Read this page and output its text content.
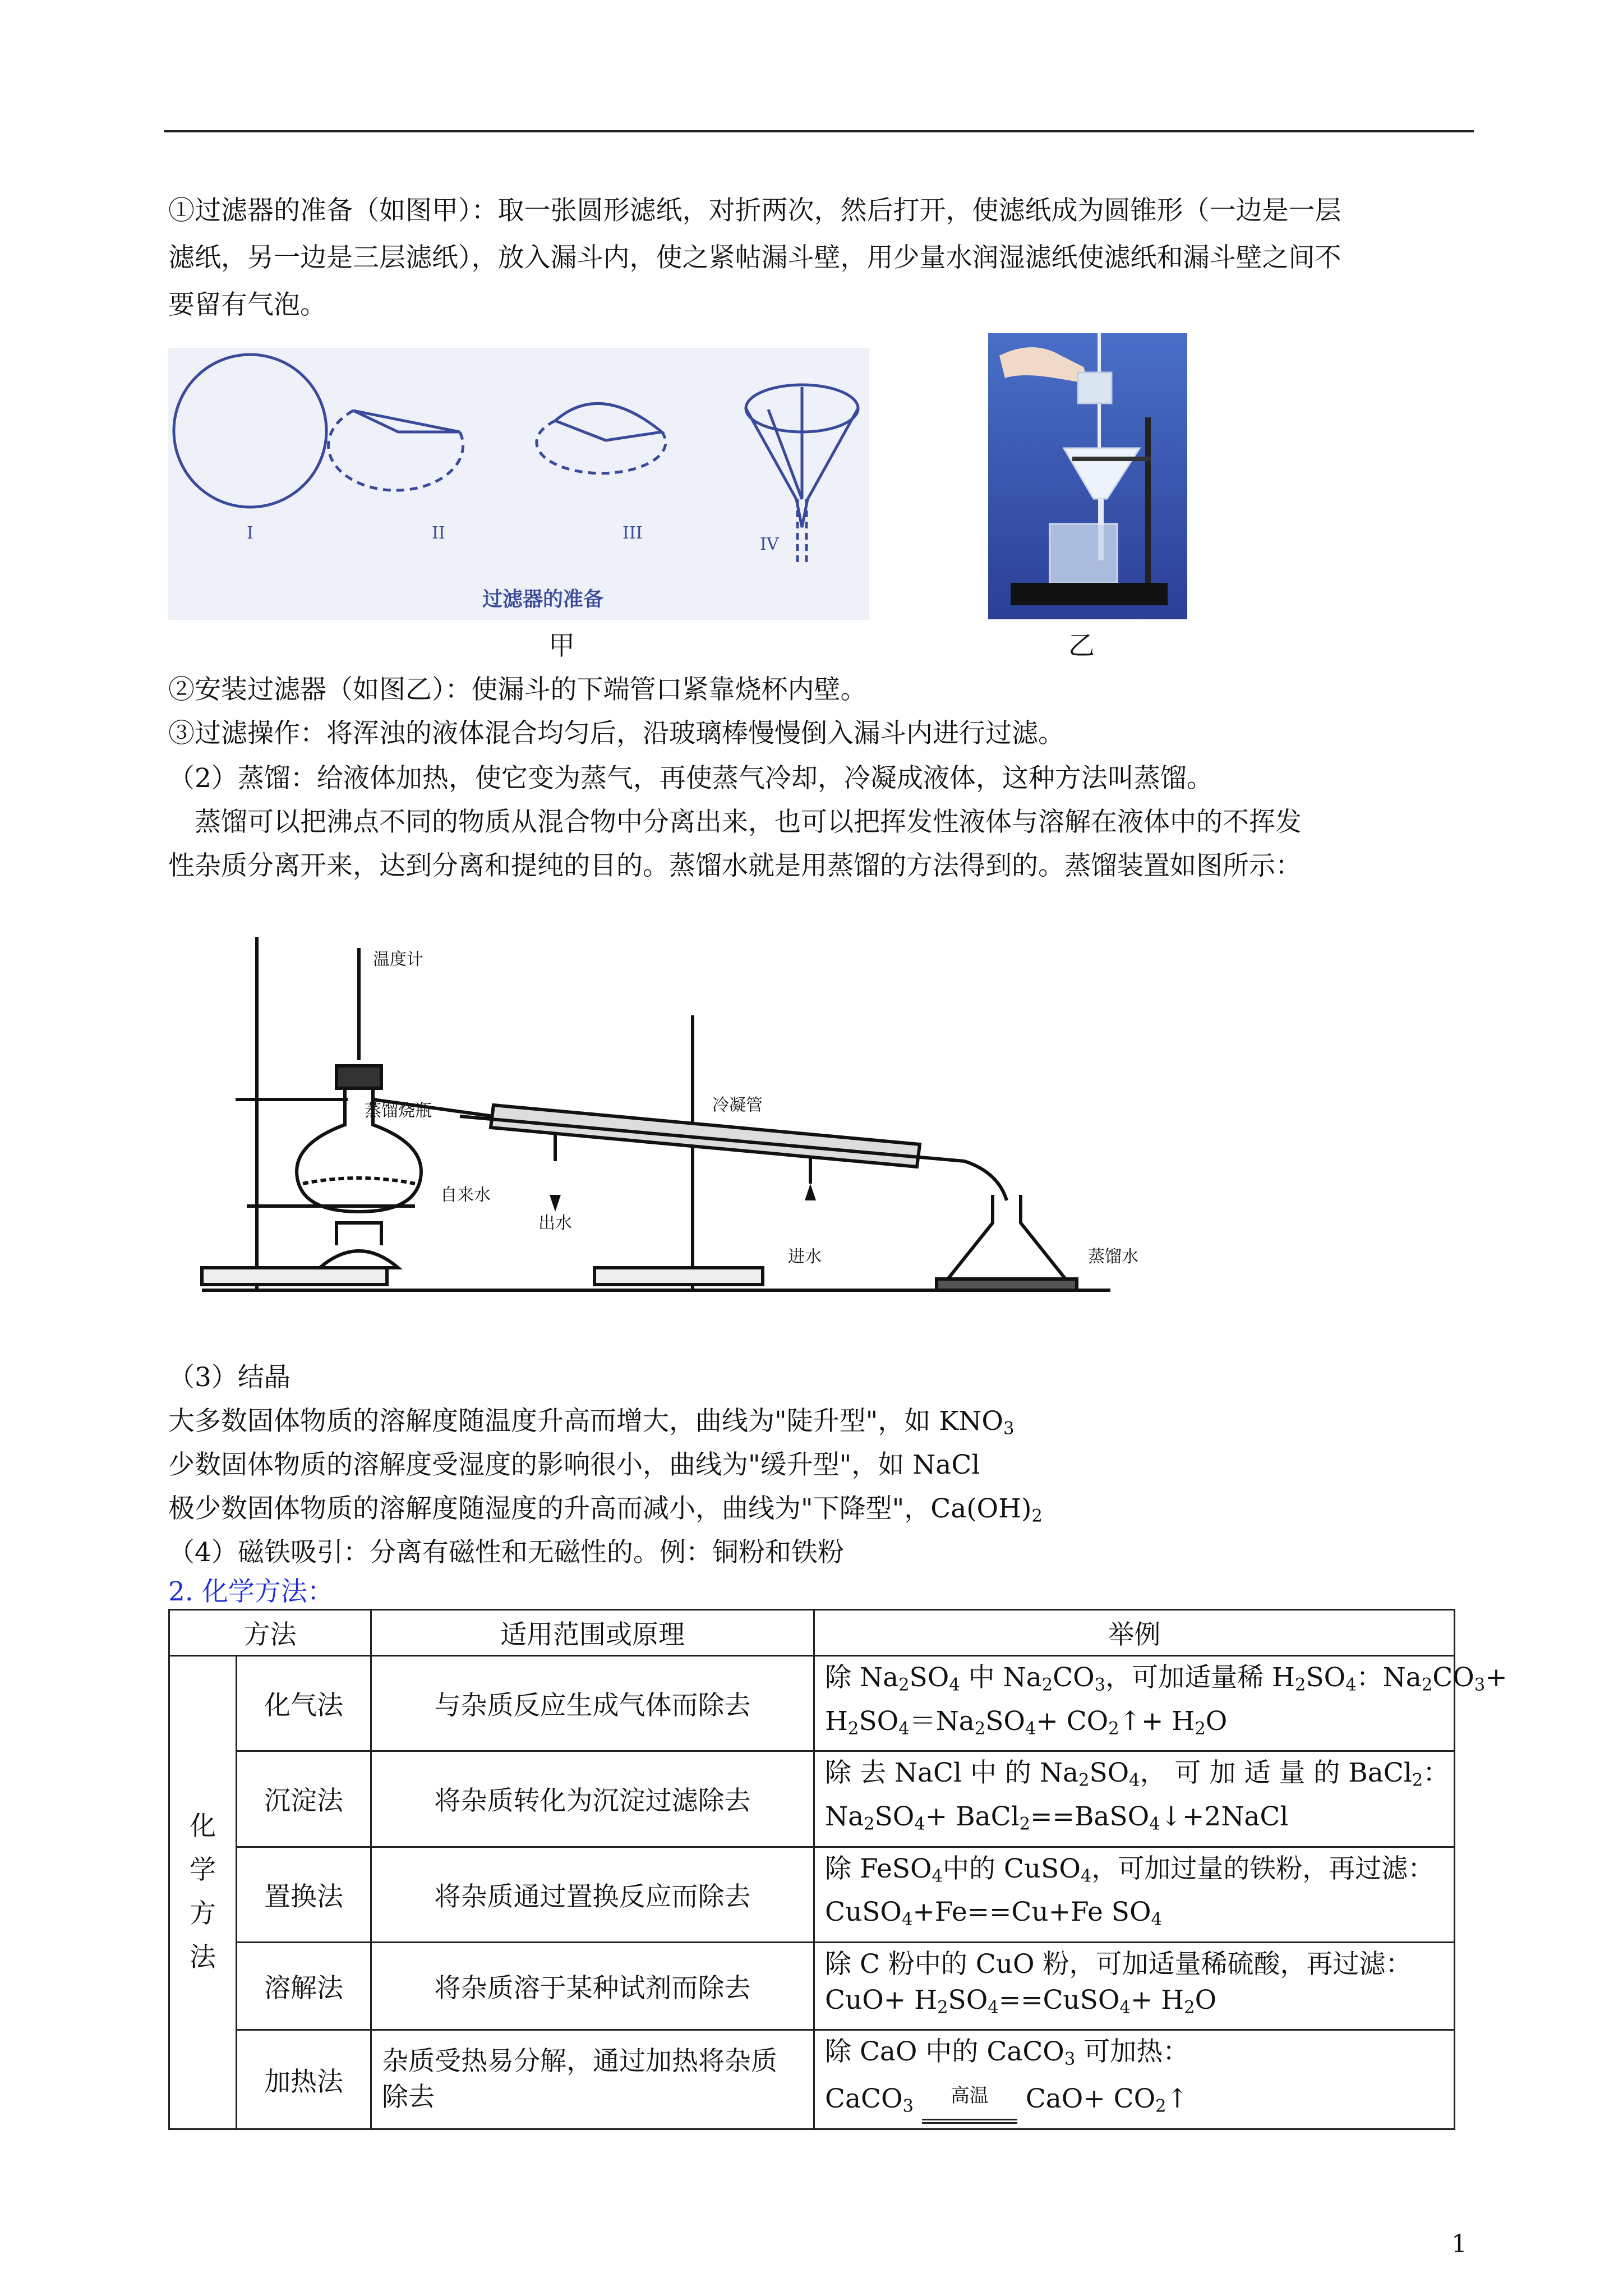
①过滤器的准备（如图甲）：取一张圆形滤纸，对折两次，然后打开，使滤纸成为圆锥形（一边是一层
滤纸，另一边是三层滤纸），放入漏斗内，使之紧帖漏斗壁，用少量水润湿滤纸使滤纸和漏斗壁之间不
要留有气泡。
I	II	III
IV
过滤器的准备
甲	乙
②安装过滤器（如图乙）：使漏斗的下端管口紧靠烧杯内壁。
③过滤操作：将浑浊的液体混合均匀后，沿玻璃棒慢慢倒入漏斗内进行过滤。
（2）蒸馏：给液体加热，使它变为蒸气，再使蒸气冷却，冷凝成液体，这种方法叫蒸馏。
　蒸馏可以把沸点不同的物质从混合物中分离出来，也可以把挥发性液体与溶解在液体中的不挥发
性杂质分离开来，达到分离和提纯的目的。蒸馏水就是用蒸馏的方法得到的。蒸馏装置如图所示：
温度计
蒸馏烧瓶
自来水
冷凝管
出水
进水	蒸馏水
（3）结晶
大多数固体物质的溶解度随温度升高而增大，曲线为"陡升型"，如 $KNO_3$
少数固体物质的溶解度受湿度的影响很小，曲线为"缓升型"，如 NaCl
极少数固体物质的溶解度随湿度的升高而减小，曲线为"下降型"，$Ca(OH)_2$
（4）磁铁吸引：分离有磁性和无磁性的。例：铜粉和铁粉
2. 化学方法：
方法		适用范围或原理	举例
化
学
方
法	化气法	与杂质反应生成气体而除去	除 $Na_2SO_4$ 中 $Na_2CO_3$，可加适量稀 $H_2SO_4$：$Na_2CO_3+$
$H_2SO_4=Na_2SO_4+$ $CO_2↑+ H_2O$
	沉淀法	将杂质转化为沉淀过滤除去	除 去 NaCl 中 的 $Na_2SO_4$， 可 加 适 量 的 BaCl$_2$：
$Na_2SO_4+$ BaCl$_2$==BaSO$_4$↓+2NaCl
	置换法	将杂质通过置换反应而除去	除 FeSO$_4$中的 CuSO$_4$，可加过量的铁粉，再过滤：
CuSO$_4$+Fe==Cu+Fe $SO_4$
	溶解法	将杂质溶于某种试剂而除去	除 C 粉中的 CuO 粉，可加适量稀硫酸，再过滤：
$CuO+ H_2SO_4==CuSO_4+ H_2O$
	加热法	杂质受热易分解，通过加热将杂质除去	除 CaO 中的 CaCO$_3$ 可加热：
CaCO$_3$ 高温 $CaO+ CO_2↑$
1
